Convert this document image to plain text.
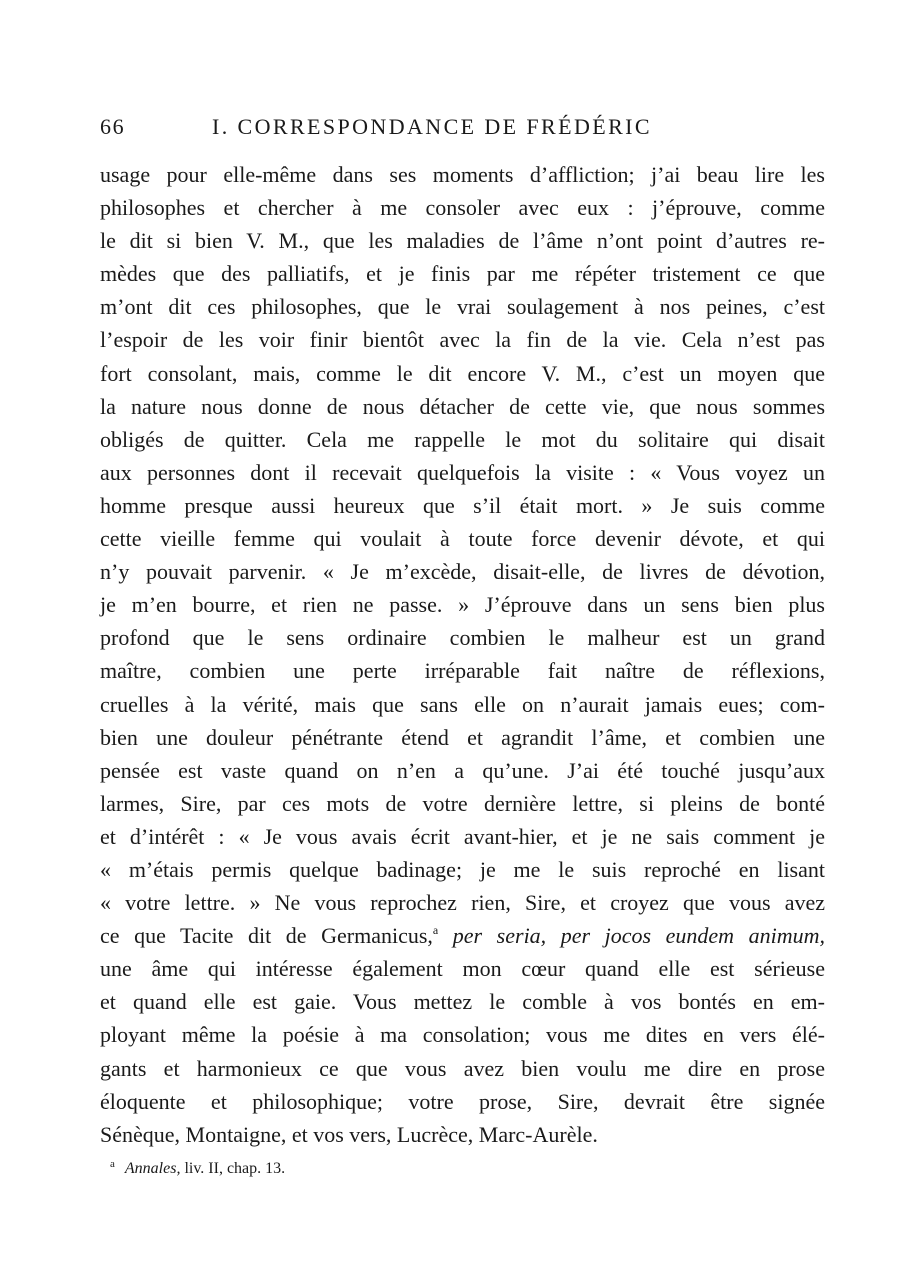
66	I. CORRESPONDANCE DE FRÉDÉRIC
usage pour elle-même dans ses moments d’affliction; j’ai beau lire les
philosophes et chercher à me consoler avec eux : j’éprouve, comme
le dit si bien V. M., que les maladies de l’âme n’ont point d’autres re-
mèdes que des palliatifs, et je finis par me répéter tristement ce que
m’ont dit ces philosophes, que le vrai soulagement à nos peines, c’est
l’espoir de les voir finir bientôt avec la fin de la vie. Cela n’est pas
fort consolant, mais, comme le dit encore V. M., c’est un moyen que
la nature nous donne de nous détacher de cette vie, que nous sommes
obligés de quitter. Cela me rappelle le mot du solitaire qui disait
aux personnes dont il recevait quelquefois la visite : « Vous voyez un
homme presque aussi heureux que s’il était mort. » Je suis comme
cette vieille femme qui voulait à toute force devenir dévote, et qui
n’y pouvait parvenir. « Je m’excède, disait-elle, de livres de dévotion,
je m’en bourre, et rien ne passe. » J’éprouve dans un sens bien plus
profond que le sens ordinaire combien le malheur est un grand
maître, combien une perte irréparable fait naître de réflexions,
cruelles à la vérité, mais que sans elle on n’aurait jamais eues; com-
bien une douleur pénétrante étend et agrandit l’âme, et combien une
pensée est vaste quand on n’en a qu’une. J’ai été touché jusqu’aux
larmes, Sire, par ces mots de votre dernière lettre, si pleins de bonté
et d’intérêt : « Je vous avais écrit avant-hier, et je ne sais comment je
« m’étais permis quelque badinage; je me le suis reproché en lisant
« votre lettre. » Ne vous reprochez rien, Sire, et croyez que vous avez
ce que Tacite dit de Germanicus,$^a$ per seria, per jocos eundem animum,
une âme qui intéresse également mon cœur quand elle est sérieuse
et quand elle est gaie. Vous mettez le comble à vos bontés en em-
ployant même la poésie à ma consolation; vous me dites en vers élé-
gants et harmonieux ce que vous avez bien voulu me dire en prose
éloquente et philosophique; votre prose, Sire, devrait être signée
Sénèque, Montaigne, et vos vers, Lucrèce, Marc-Aurèle.
$^a$ Annales, liv. II, chap. 13.
